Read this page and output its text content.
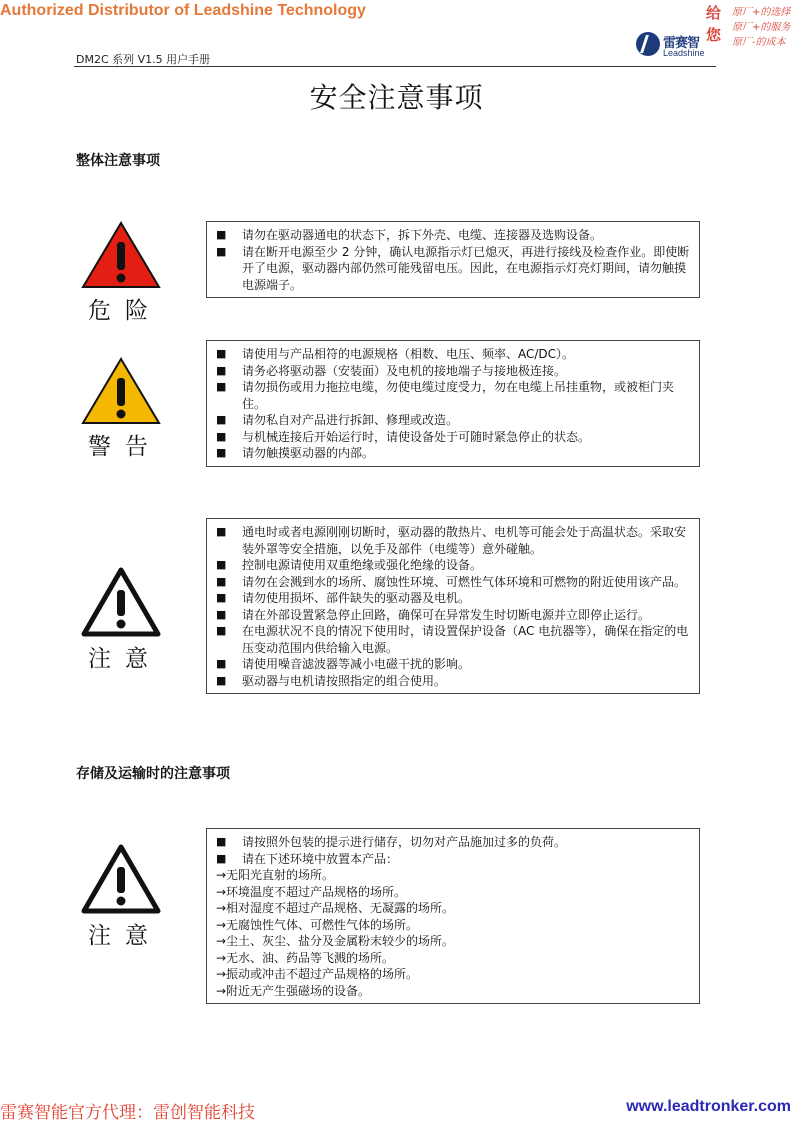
Authorized Distributor of Leadshine Technology
雷赛智
Leadshine
给
您
原厂+的选择
原厂+的服务
原厂-的成本
DM2C 系列 V1.5 用户手册
安全注意事项
整体注意事项
危险
■	请勿在驱动器通电的状态下，拆下外壳、电缆、连接器及选购设备。
■	请在断开电源至少 2 分钟，确认电源指示灯已熄灭，再进行接线及检查作业。即使断开了电源，驱动器内部仍然可能残留电压。因此，在电源指示灯亮灯期间，请勿触摸电源端子。
警告
■	请使用与产品相符的电源规格（相数、电压、频率、AC/DC）。
■	请务必将驱动器（安装面）及电机的接地端子与接地极连接。
■	请勿损伤或用力拖拉电缆，勿使电缆过度受力，勿在电缆上吊挂重物，或被柜门夹住。
■	请勿私自对产品进行拆卸、修理或改造。
■	与机械连接后开始运行时，请使设备处于可随时紧急停止的状态。
■	请勿触摸驱动器的内部。
注意
■	通电时或者电源刚刚切断时，驱动器的散热片、电机等可能会处于高温状态。采取安装外罩等安全措施，以免手及部件（电缆等）意外碰触。
■	控制电源请使用双重绝缘或强化绝缘的设备。
■	请勿在会溅到水的场所、腐蚀性环境、可燃性气体环境和可燃物的附近使用该产品。
■	请勿使用损坏、部件缺失的驱动器及电机。
■	请在外部设置紧急停止回路，确保可在异常发生时切断电源并立即停止运行。
■	在电源状况不良的情况下使用时，请设置保护设备（AC 电抗器等），确保在指定的电压变动范围内供给输入电源。
■	请使用噪音滤波器等减小电磁干扰的影响。
■	驱动器与电机请按照指定的组合使用。
存储及运输时的注意事项
注意
■	请按照外包装的提示进行储存，切勿对产品施加过多的负荷。
■	请在下述环境中放置本产品：
→无阳光直射的场所。
→环境温度不超过产品规格的场所。
→相对湿度不超过产品规格、无凝露的场所。
→无腐蚀性气体、可燃性气体的场所。
→尘土、灰尘、盐分及金属粉末较少的场所。
→无水、油、药品等飞溅的场所。
→振动或冲击不超过产品规格的场所。
→附近无产生强磁场的设备。
雷赛智能官方代理：雷创智能科技	www.leadtronker.com
